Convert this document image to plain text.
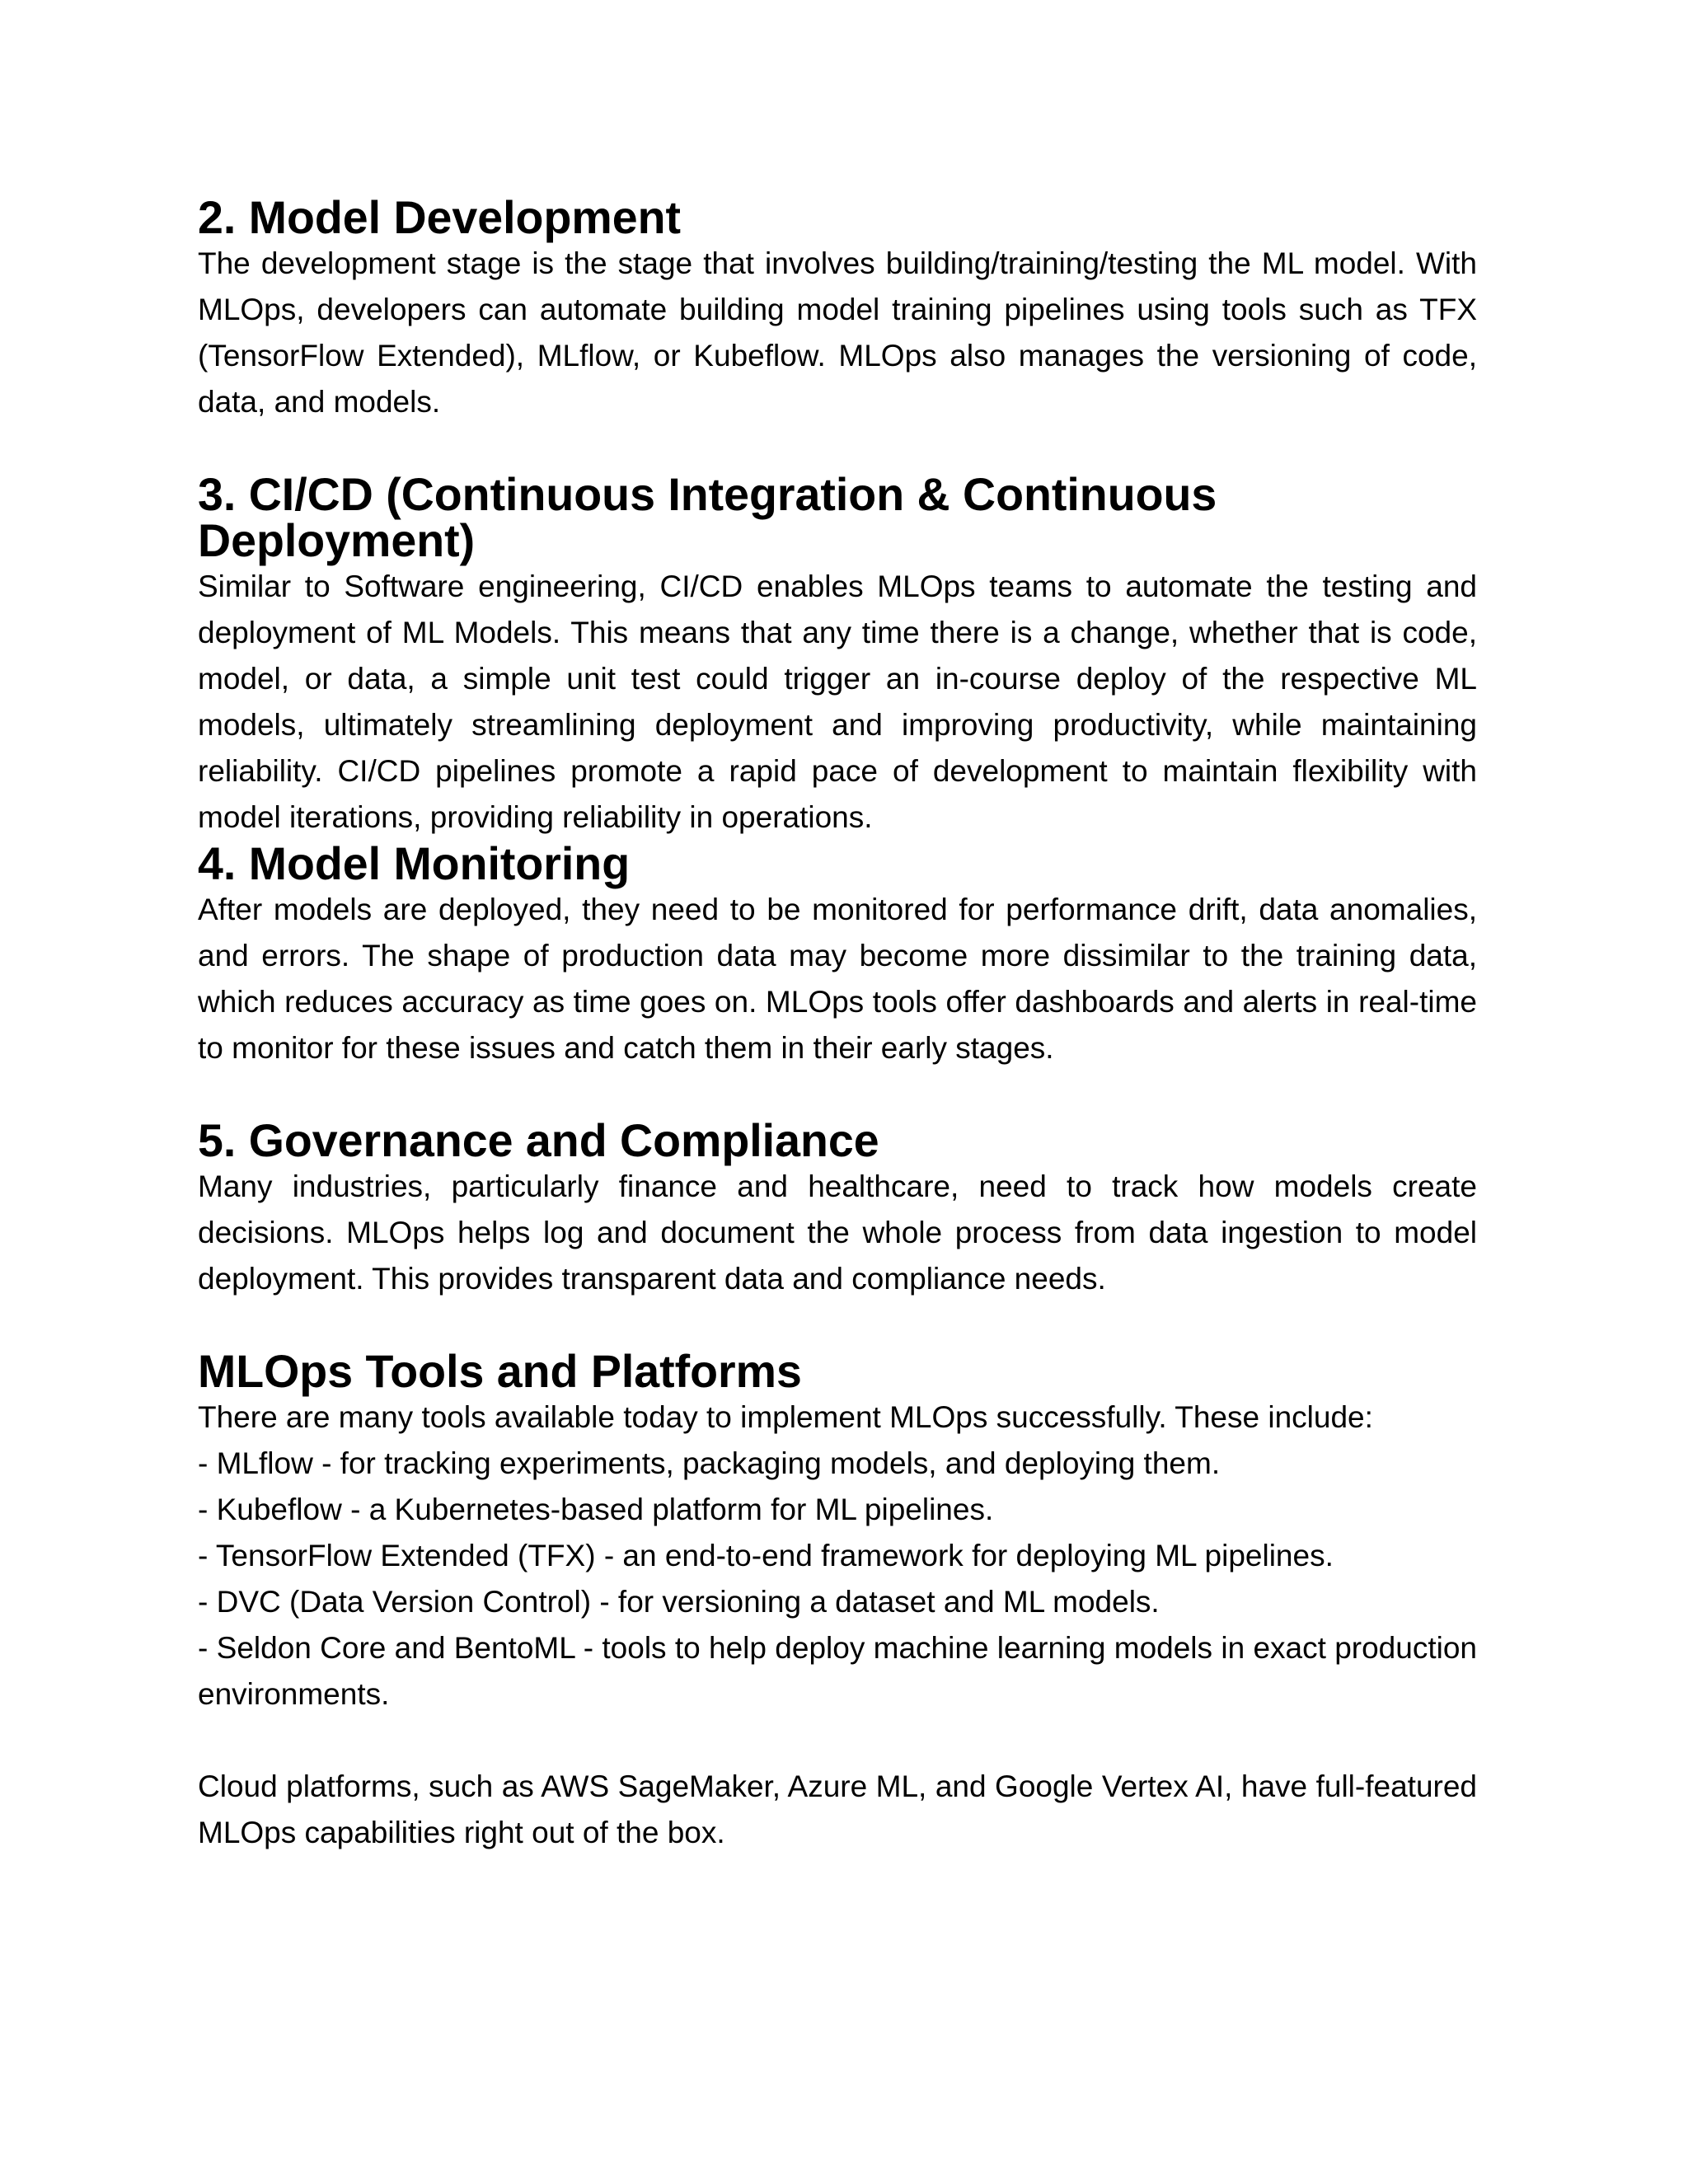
2. Model Development

The development stage is the stage that involves building/training/testing the ML model. With MLOps, developers can automate building model training pipelines using tools such as TFX (TensorFlow Extended), MLflow, or Kubeflow. MLOps also manages the versioning of code, data, and models.

3. CI/CD (Continuous Integration & Continuous Deployment)

Similar to Software engineering, CI/CD enables MLOps teams to automate the testing and deployment of ML Models. This means that any time there is a change, whether that is code, model, or data, a simple unit test could trigger an in-course deploy of the respective ML models, ultimately streamlining deployment and improving productivity, while maintaining reliability. CI/CD pipelines promote a rapid pace of development to maintain flexibility with model iterations, providing reliability in operations.

4. Model Monitoring

After models are deployed, they need to be monitored for performance drift, data anomalies, and errors. The shape of production data may become more dissimilar to the training data, which reduces accuracy as time goes on. MLOps tools offer dashboards and alerts in real-time to monitor for these issues and catch them in their early stages.

5. Governance and Compliance

Many industries, particularly finance and healthcare, need to track how models create decisions. MLOps helps log and document the whole process from data ingestion to model deployment. This provides transparent data and compliance needs.

MLOps Tools and Platforms

There are many tools available today to implement MLOps successfully. These include:

- MLflow - for tracking experiments, packaging models, and deploying them.

- Kubeflow - a Kubernetes-based platform for ML pipelines.

- TensorFlow Extended (TFX) - an end-to-end framework for deploying ML pipelines.

- DVC (Data Version Control) - for versioning a dataset and ML models.

- Seldon Core and BentoML - tools to help deploy machine learning models in exact production environments.

Cloud platforms, such as AWS SageMaker, Azure ML, and Google Vertex AI, have full-featured MLOps capabilities right out of the box.
